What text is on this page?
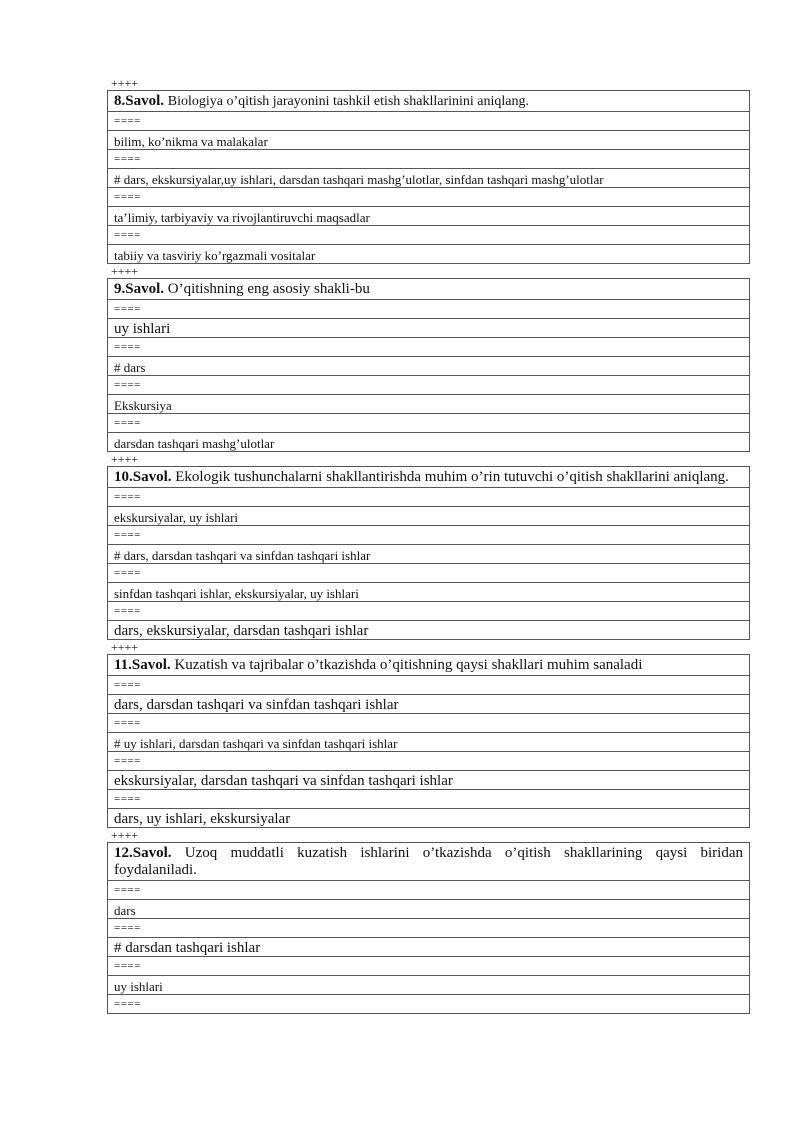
++++
8.Savol. Biologiya o’qitish jarayonini tashkil etish shakllarinini aniqlang.
====
bilim, ko’nikma va malakalar
====
# dars, ekskursiyalar,uy ishlari, darsdan tashqari mashg’ulotlar, sinfdan tashqari mashg’ulotlar
====
ta’limiy, tarbiyaviy va rivojlantiruvchi maqsadlar
====
tabiiy va tasviriy ko’rgazmali vositalar
++++
9.Savol. O’qitishning eng asosiy shakli-bu
====
uy ishlari
====
# dars
====
Ekskursiya
====
darsdan tashqari mashg’ulotlar
++++
10.Savol. Ekologik tushunchalarni shakllantirishda muhim o’rin tutuvchi o’qitish shakllarini aniqlang.
====
ekskursiyalar, uy ishlari
====
# dars, darsdan tashqari va sinfdan tashqari ishlar
====
sinfdan tashqari ishlar, ekskursiyalar, uy ishlari
====
dars, ekskursiyalar, darsdan tashqari ishlar
++++
11.Savol. Kuzatish va tajribalar o’tkazishda o’qitishning qaysi shakllari muhim sanaladi
====
dars, darsdan tashqari va sinfdan tashqari ishlar
====
# uy ishlari, darsdan tashqari va sinfdan tashqari ishlar
====
ekskursiyalar, darsdan tashqari va sinfdan tashqari ishlar
====
dars, uy ishlari, ekskursiyalar
++++
12.Savol. Uzoq muddatli kuzatish ishlarini o’tkazishda o’qitish shakllarining qaysi biridan foydalaniladi.
====
dars
====
# darsdan tashqari ishlar
====
uy ishlari
====
